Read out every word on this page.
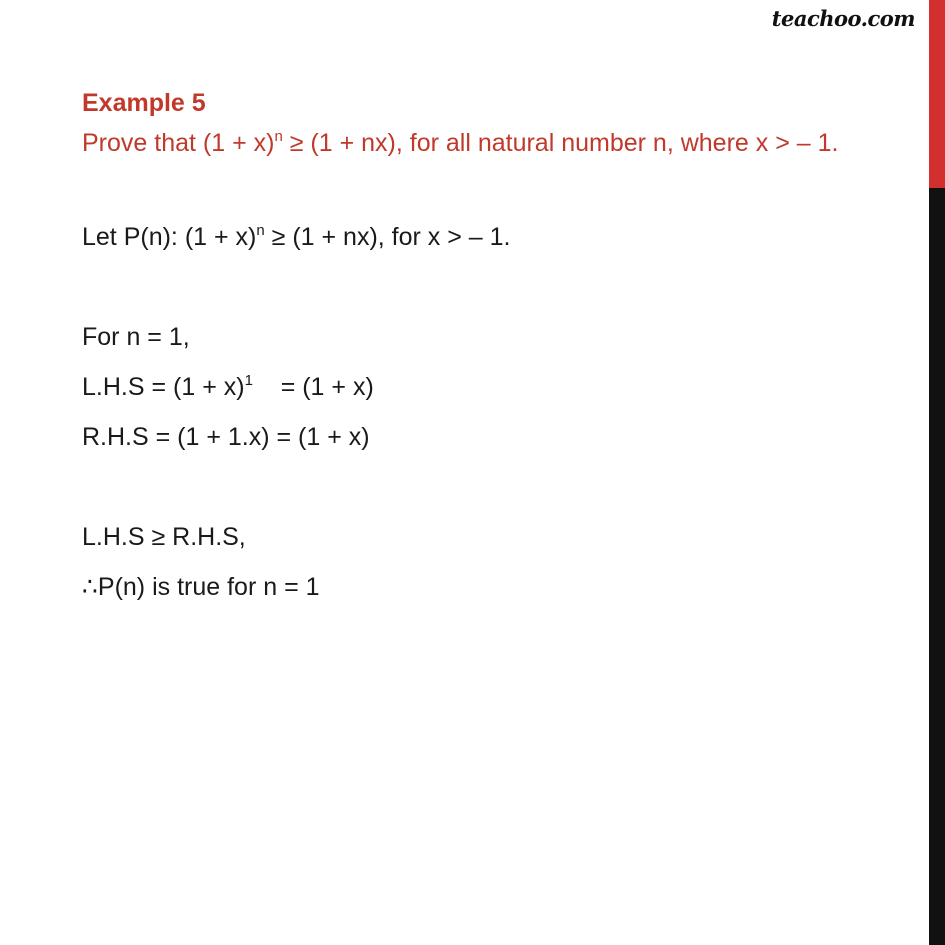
teachoo.com
Example 5
Prove that $(1 + x)^n \ge (1 + nx)$, for all natural number n, where x > – 1.
Let P(n): $(1 + x)^n \ge (1 + nx)$, for x > – 1.
For n = 1,
$L.H.S = (1 + x)^1$    = (1 + x)
R.H.S = (1 + 1.x) = (1 + x)
L.H.S ≥ R.H.S,
∴P(n) is true for n = 1
